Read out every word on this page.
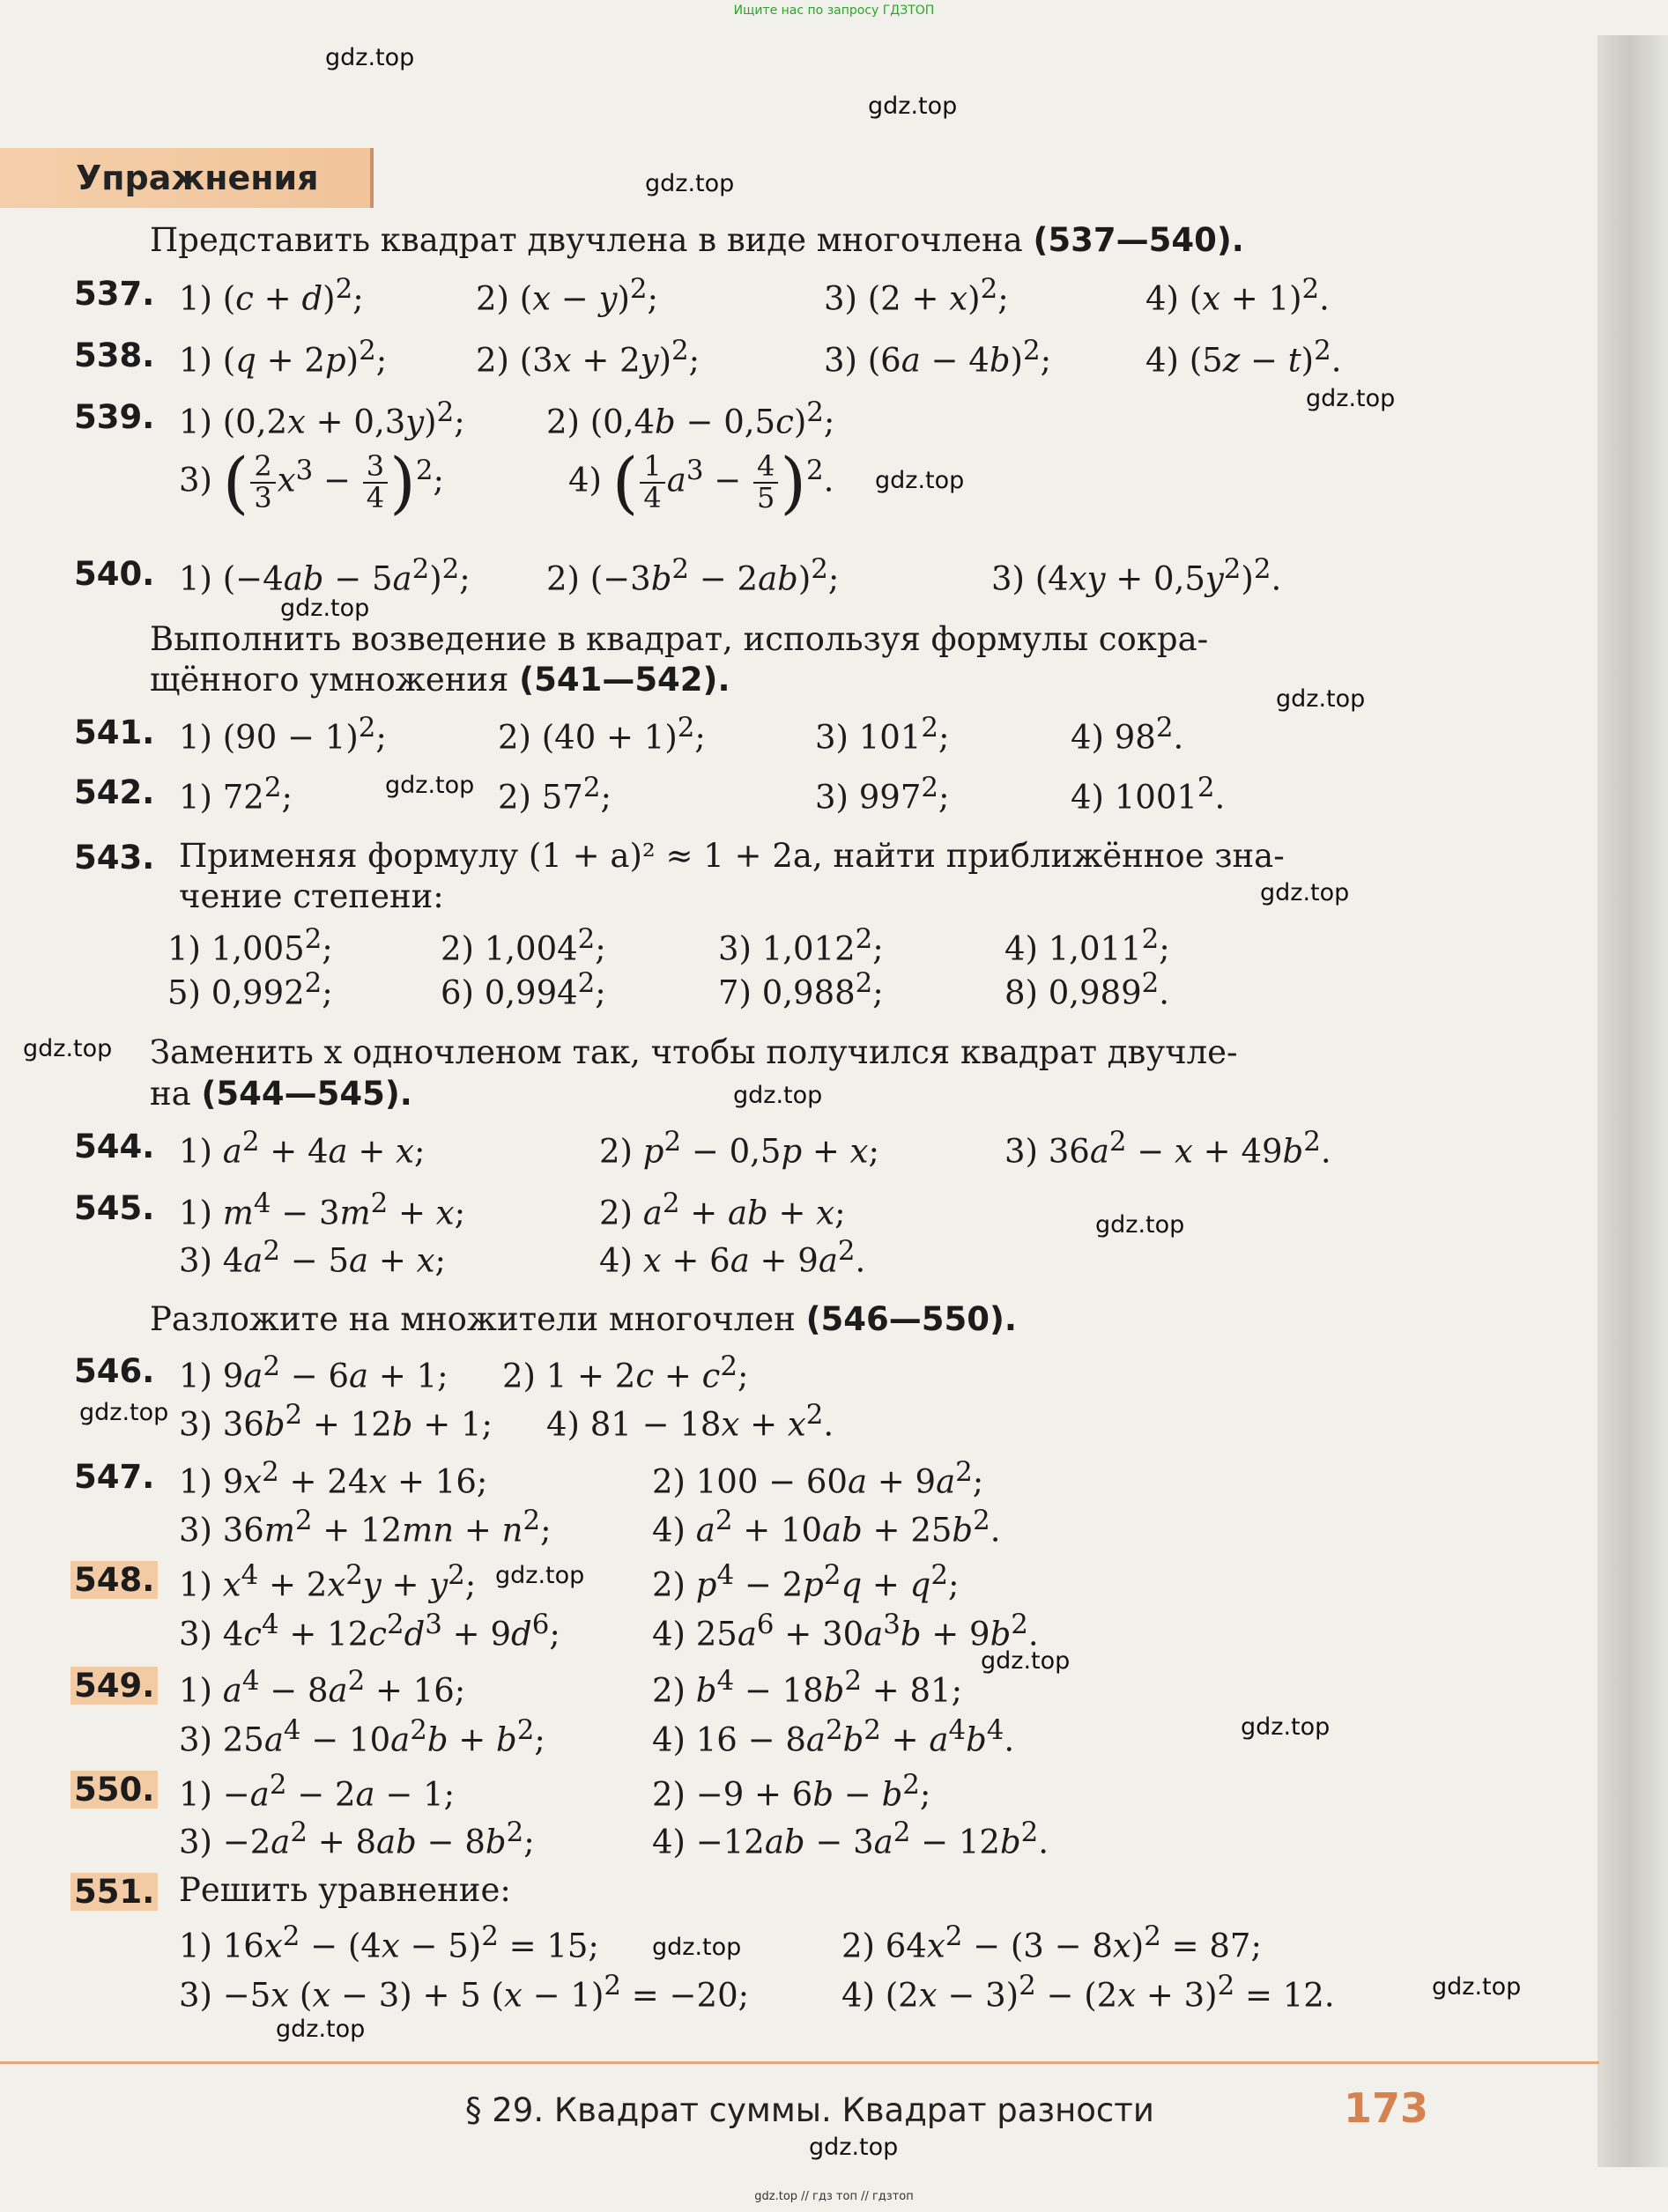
Ищите нас по запросу ГДЗТОП
gdz.top
gdz.top
gdz.top
gdz.top
gdz.top
gdz.top
gdz.top
gdz.top
gdz.top
gdz.top
gdz.top
gdz.top
gdz.top
gdz.top
gdz.top
gdz.top
gdz.top
gdz.top
gdz.top
gdz.top
Упражнения
Представить квадрат двучлена в виде многочлена (537—540).
537. 1) $(c + d)^2$;	2) $(x - y)^2$;	3) $(2 + x)^2$;	4) $(x + 1)^2$.
538. 1) $(q + 2p)^2$;	2) $(3x + 2y)^2$;	3) $(6a - 4b)^2$;	4) $(5z - t)^2$.
539. 1) $(0,2x + 0,3y)^2$; 2) $(0,4b - 0,5c)^2$;
3) ( $\frac{2}{3} x^3 - \frac{3}{4} )^2$;	4) ( $\frac{1}{4} a^3 - \frac{4}{5} )^2$.
540. 1) $(-4ab - 5a^2)^2$; 2) $(-3b^2 - 2ab)^2$;	3) $(4xy + 0,5y^2)^2$.
Выполнить возведение в квадрат, используя формулы сокра-
щённого умножения (541—542).
541. 1) $(90 - 1)^2$;	2) $(40 + 1)^2$;	3) $101^2$;	4) $98^2$.
542. 1) $72^2$;	2) $57^2$;	3) $997^2$;	4) 1001$^2$.
543. Применяя формулу (1 + a)² ≈ 1 + 2a, найти приближённое зна-
чение степени:
1) 1,005$^2$;	2) 1,004$^2$;	3) 1,012$^2$;	4) 1,011$^2$;
5) 0,992$^2$;	6) 0,994$^2$;	7) 0,988$^2$;	8) 0,989$^2$.
Заменить x одночленом так, чтобы получился квадрат двучле-
на (544—545).
544. 1) $a^2 + 4a + x$;	2) $p^2 - 0,5p + x$;	3) $36a^2 - x + 49b^2$.
545. 1) $m^4 - 3m^2 + x$;	2) $a^2$ + ab + x;
3) $4a^2 - 5a + x$;	4) $x + 6a + 9a^2$.
Разложите на множители многочлен (546—550).
546. 1) $9a^2 - 6a + 1$; 2) $1 + 2c + c^2$;
3) $36b^2 + 12b + 1$; 4) $81 - 18x + x^2$.
547. 1) $9x^2 + 24x + 16$;	2) $100 - 60a + 9a^2$;
3) $36m^2 + 12mn + n^2$;	4) $a^2 + 10ab + 25b^2$.
548. 1) $x^4 + 2x^2y + y^2$;	2) $p^4 - 2p^2q + q^2$;
3) $4c^4 + 12c^2d^3 + 9d^6$;	4) $25a^6 + 30a^3b + 9b^2$.
549. 1) $a^4 - 8a^2 + 16$;	2) $b^4 - 18b^2 + 81$;
3) $25a^4 - 10a^2b + b^2$;	4) $16 - 8a^2b^2 + a^4b^4$.
550. $1) -a^2 - 2a - 1$;	$2) -9 + 6b - b^2$;
$3) -2a^2 + 8ab - 8b^2$;	$4) -12ab - 3a^2 - 12b^2$.
551. Решить уравнение:
1) $16x^2 - (4x - 5)^2 = 15$;	2) $64x^2 - (3 - 8x)^2 = 87$;
3) −5x (x − 3) + 5 $(x - 1)^2 = -20$;	4) $(2x - 3)^2 - (2x + 3)^2 = 12$.
§ 29. Квадрат суммы. Квадрат разности	173
gdz.top // гдз топ // гдзтоп
